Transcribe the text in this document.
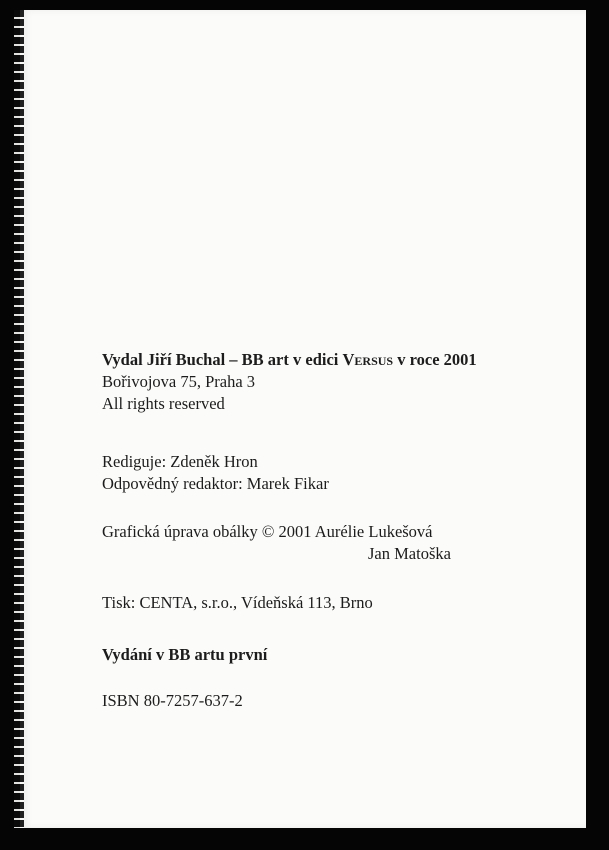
Vydal Jiří Buchal – BB art v edici Versus v roce 2001
Bořivojova 75, Praha 3
All rights reserved
Rediguje: Zdeněk Hron
Odpovědný redaktor: Marek Fikar
Grafická úprava obálky © 2001 Aurélie Lukešová
Jan Matoška
Tisk: CENTA, s.r.o., Vídeňská 113, Brno
Vydání v BB artu první
ISBN 80-7257-637-2
